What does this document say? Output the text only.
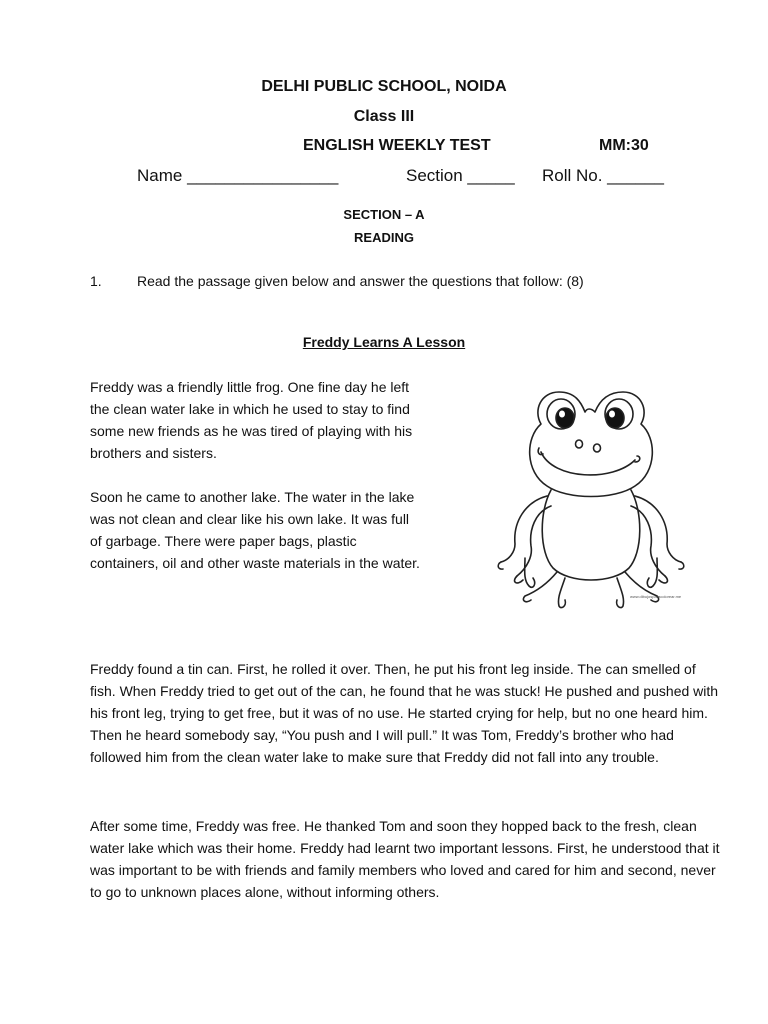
DELHI PUBLIC SCHOOL, NOIDA
Class III
ENGLISH WEEKLY TEST	MM:30
Name ________________	Section _____ Roll No. ______
SECTION – A
READING
1.	Read the passage given below and answer the questions that follow: (8)
Freddy Learns A Lesson
Freddy was a friendly little frog. One fine day he left the clean water lake in which he used to stay to find some new friends as he was tired of playing with his brothers and sisters.
Soon he came to another lake. The water in the lake was not clean and clear like his own lake. It was full of garbage. There were paper bags, plastic containers, oil and other waste materials in the water.
Freddy found a tin can. First, he rolled it over. Then, he put his front leg inside. The can smelled of fish. When Freddy tried to get out of the can, he found that he was stuck! He pushed and pushed with his front leg, trying to get free, but it was of no use. He started crying for help, but no one heard him. Then he heard somebody say, “You push and I will pull.” It was Tom, Freddy’s brother who had followed him from the clean water lake to make sure that Freddy did not fall into any trouble.
After some time, Freddy was free. He thanked Tom and soon they hopped back to the fresh, clean water lake which was their home. Freddy had learnt two important lessons. First, he understood that it was important to be with friends and family members who loved and cared for him and second, never to go to unknown places alone, without informing others.
www.dibujosparacolorear.me
